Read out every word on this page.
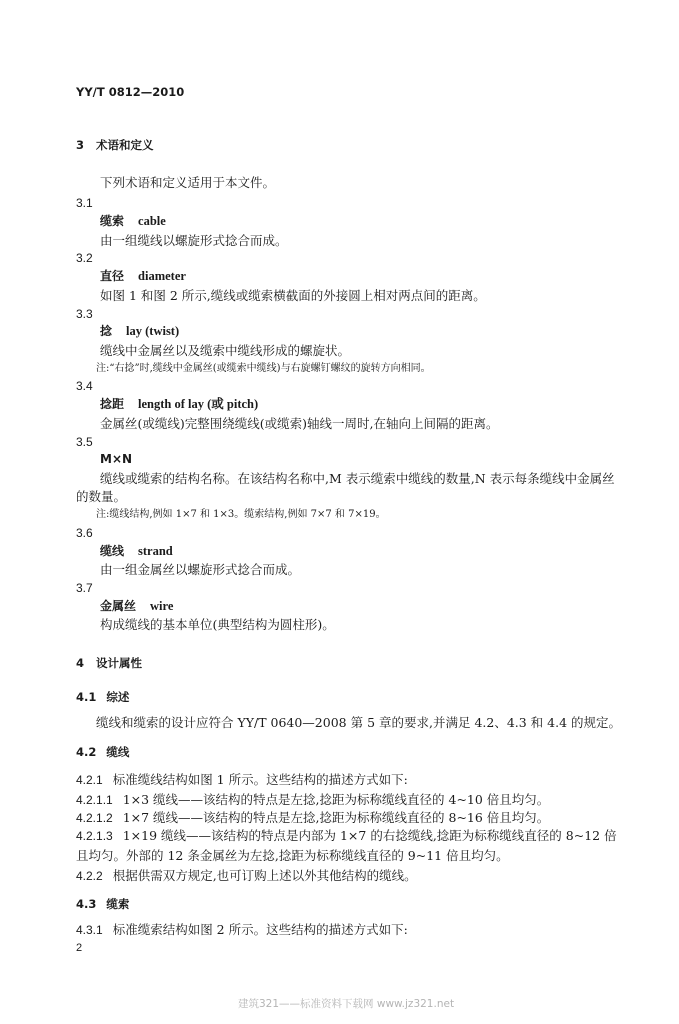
YY/T 0812—2010
3 术语和定义
下列术语和定义适用于本文件。
3.1
缆索 cable
由一组缆线以螺旋形式捻合而成。
3.2
直径 diameter
如图 1 和图 2 所示,缆线或缆索横截面的外接圆上相对两点间的距离。
3.3
捻 lay (twist)
缆线中金属丝以及缆索中缆线形成的螺旋状。
注:“右捻”时,缆线中金属丝(或缆索中缆线)与右旋螺钉螺纹的旋转方向相同。
3.4
捻距 length of lay (或 pitch)
金属丝(或缆线)完整围绕缆线(或缆索)轴线一周时,在轴向上间隔的距离。
3.5
M×N
缆线或缆索的结构名称。在该结构名称中,M 表示缆索中缆线的数量,N 表示每条缆线中金属丝
的数量。
注:缆线结构,例如 1×7 和 1×3。缆索结构,例如 7×7 和 7×19。
3.6
缆线 strand
由一组金属丝以螺旋形式捻合而成。
3.7
金属丝 wire
构成缆线的基本单位(典型结构为圆柱形)。
4 设计属性
4.1 综述
缆线和缆索的设计应符合 YY/T 0640—2008 第 5 章的要求,并满足 4.2、4.3 和 4.4 的规定。
4.2 缆线
4.2.1 标准缆线结构如图 1 所示。这些结构的描述方式如下:
4.2.1.1 1×3 缆线——该结构的特点是左捻,捻距为标称缆线直径的 4~10 倍且均匀。
4.2.1.2 1×7 缆线——该结构的特点是左捻,捻距为标称缆线直径的 8~16 倍且均匀。
4.2.1.3 1×19 缆线——该结构的特点是内部为 1×7 的右捻缆线,捻距为标称缆线直径的 8~12 倍
且均匀。外部的 12 条金属丝为左捻,捻距为标称缆线直径的 9~11 倍且均匀。
4.2.2 根据供需双方规定,也可订购上述以外其他结构的缆线。
4.3 缆索
4.3.1 标准缆索结构如图 2 所示。这些结构的描述方式如下:
2
建筑321——标准资料下载网 www.jz321.net
